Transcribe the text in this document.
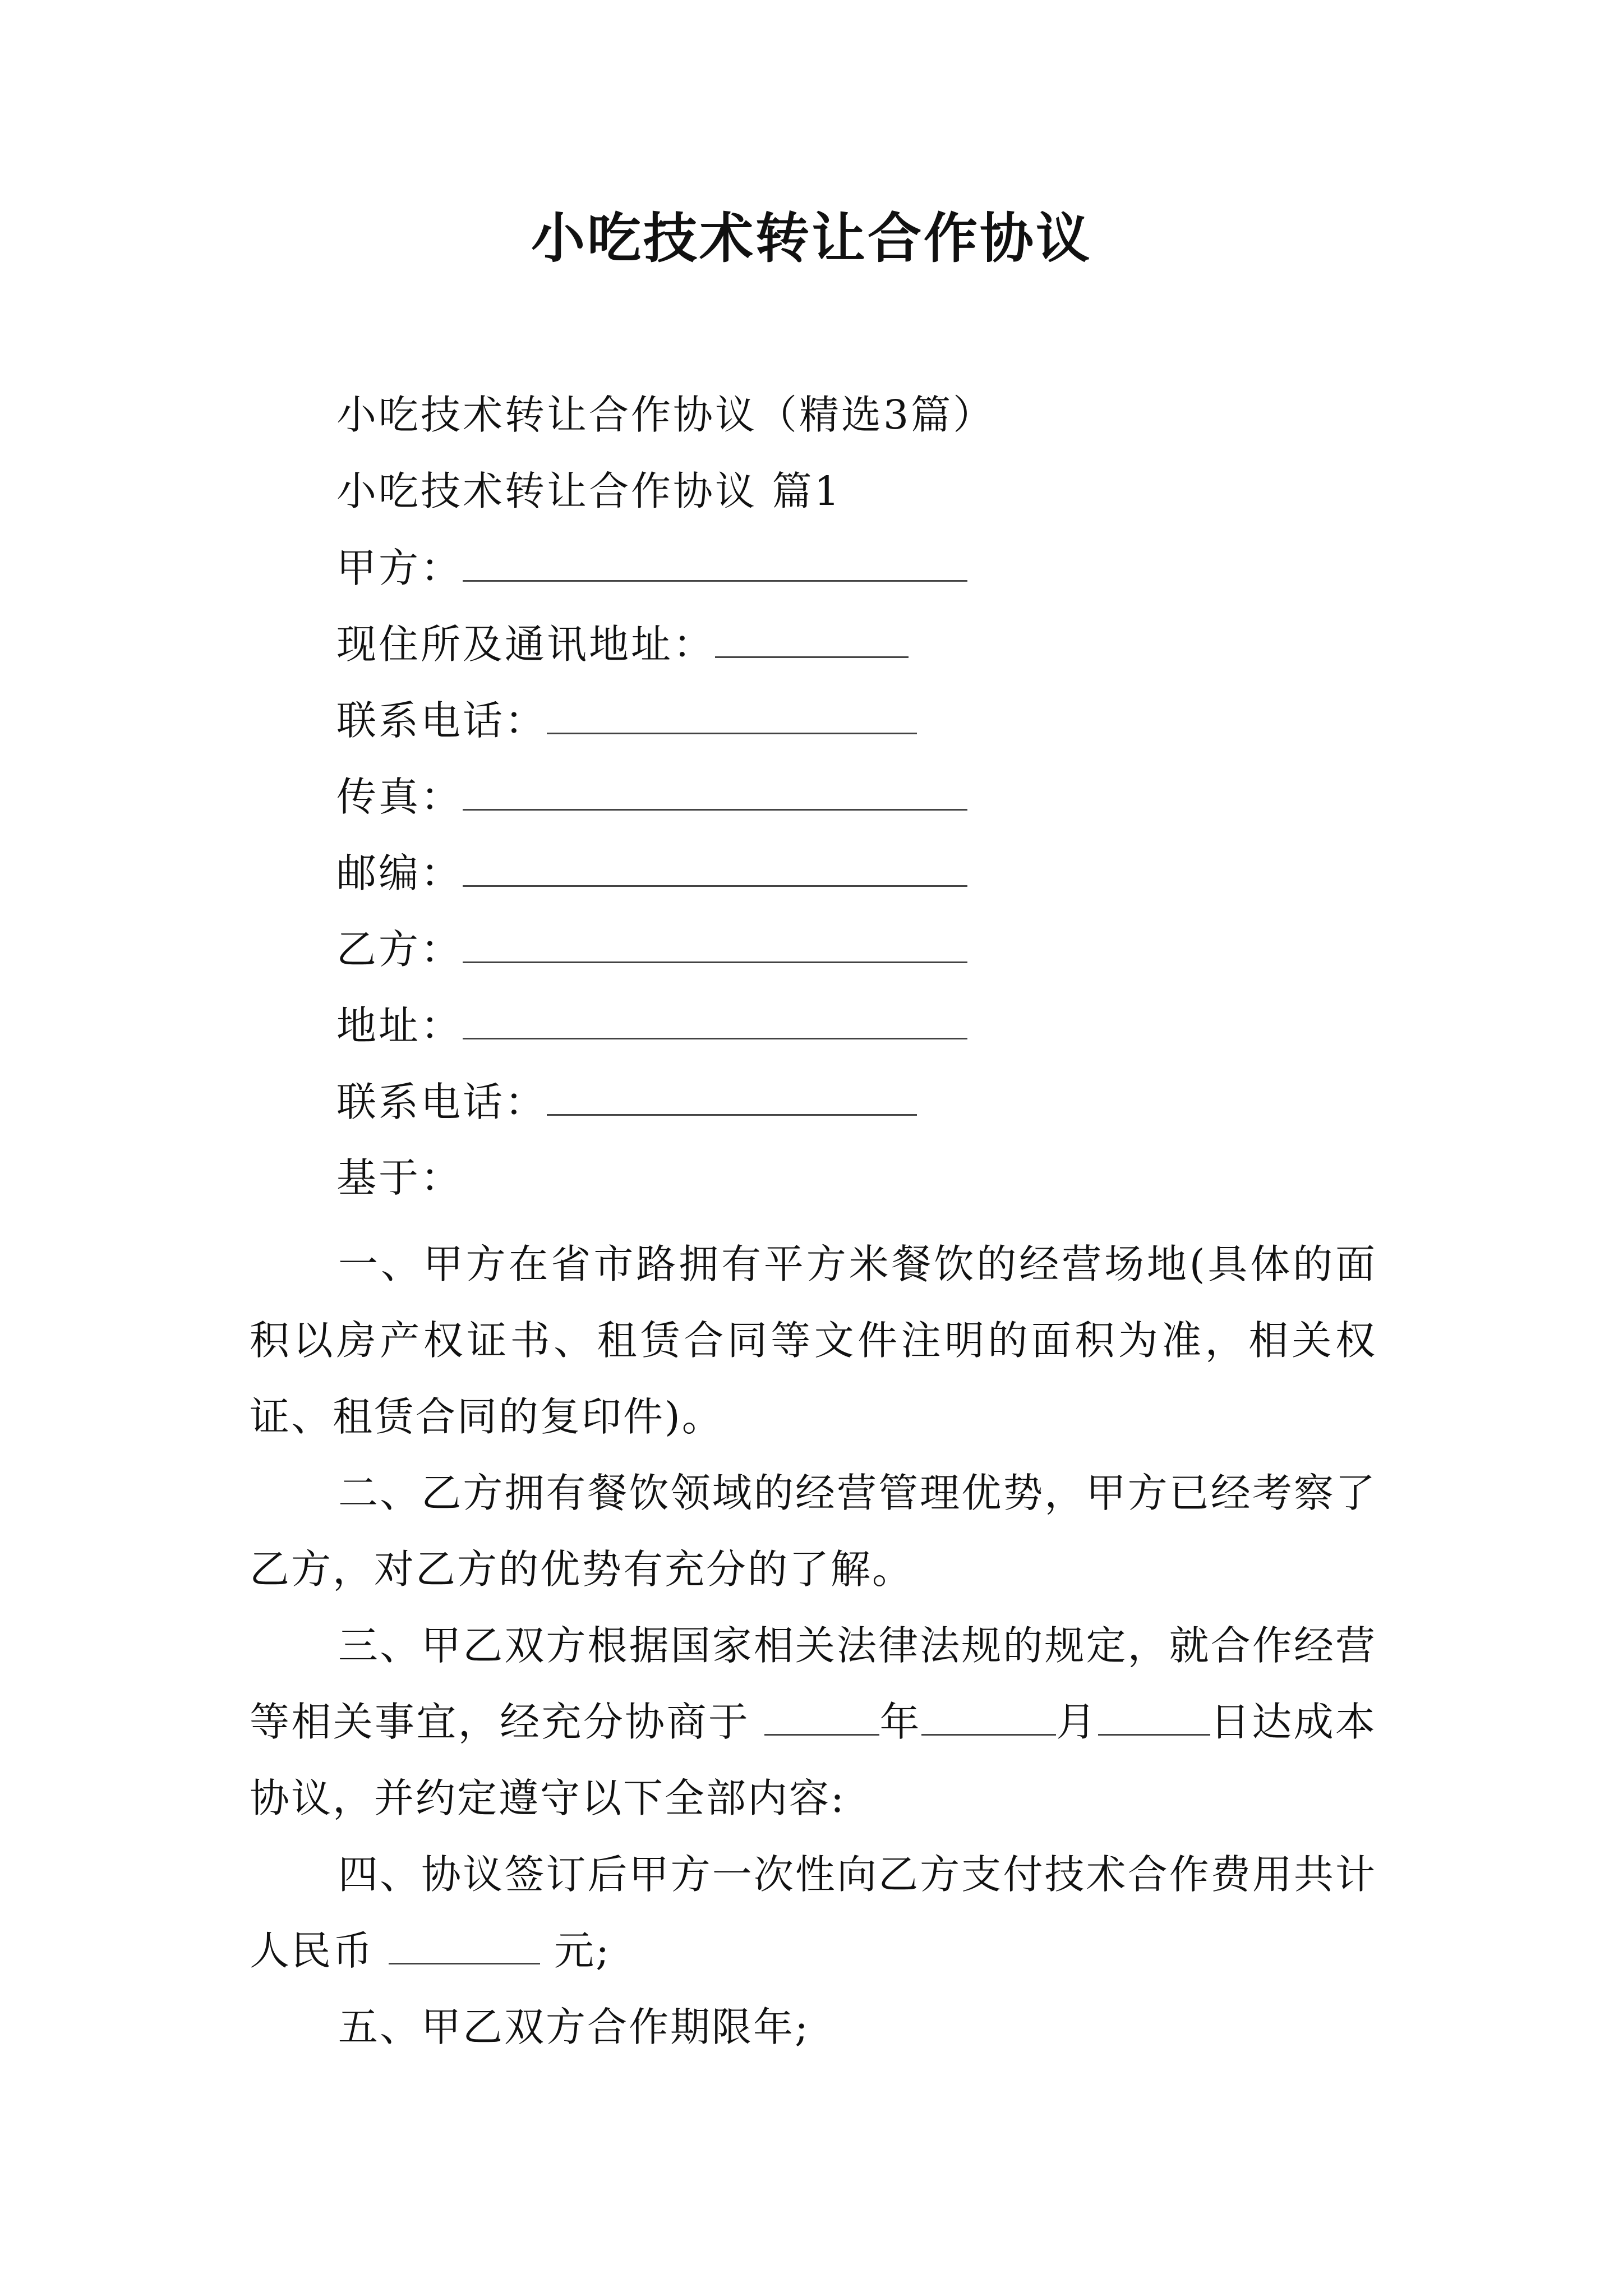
小吃技术转让合作协议
小吃技术转让合作协议（精选3篇）
小吃技术转让合作协议 篇1
甲方：
现住所及通讯地址：
联系电话：
传真：
邮编：
乙方：
地址：
联系电话：
基于：
一、甲方在省市路拥有平方米餐饮的经营场地(具体的面积以房产权证书、租赁合同等文件注明的面积为准，相关权证、租赁合同的复印件)。
二、乙方拥有餐饮领域的经营管理优势，甲方已经考察了乙方，对乙方的优势有充分的了解。
三、甲乙双方根据国家相关法律法规的规定，就合作经营等相关事宜，经充分协商于	年	月	日达成本协议，并约定遵守以下全部内容:
四、协议签订后甲方一次性向乙方支付技术合作费用共计人民币	元;
五、甲乙双方合作期限年;
